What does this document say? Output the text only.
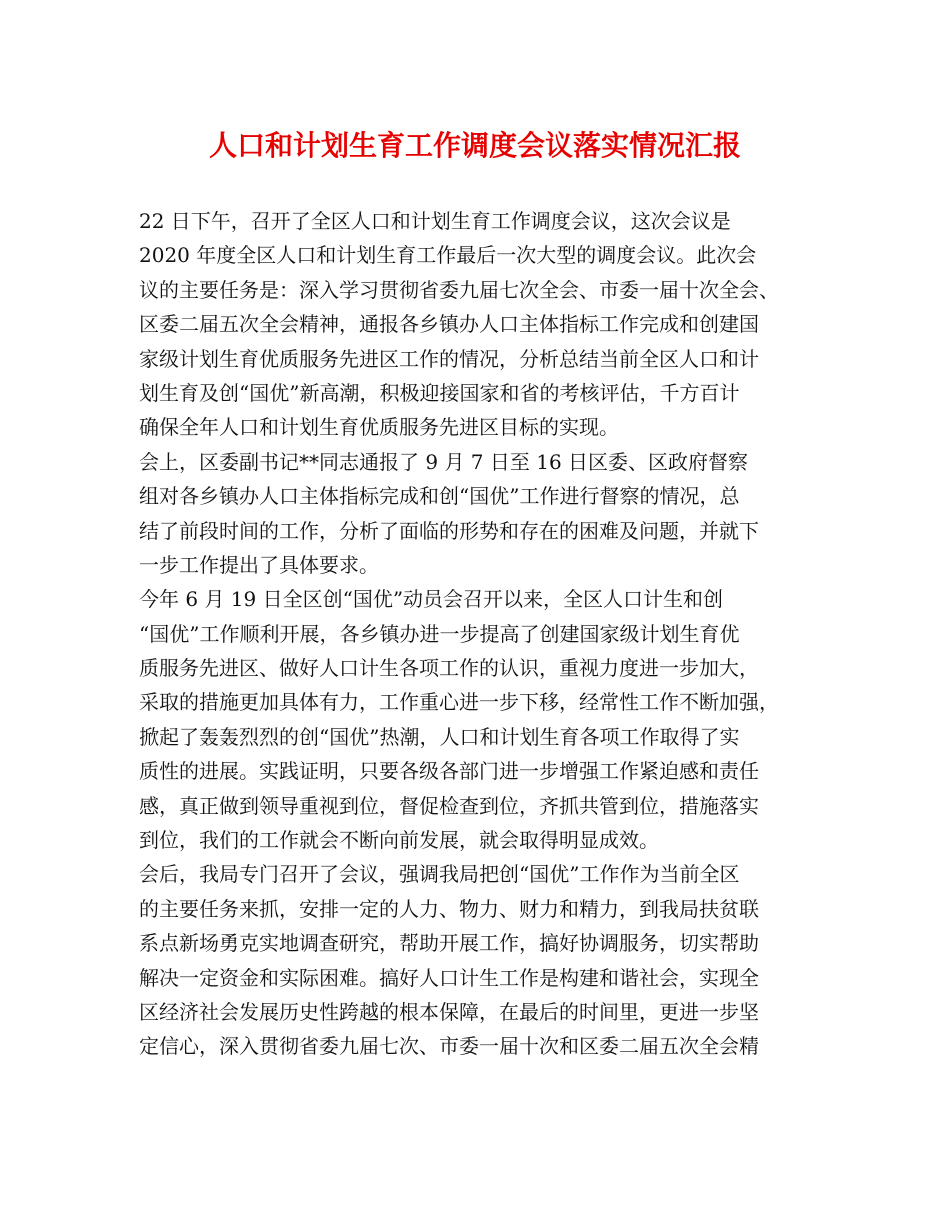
人口和计划生育工作调度会议落实情况汇报
22 日下午，召开了全区人口和计划生育工作调度会议，这次会议是
2020 年度全区人口和计划生育工作最后一次大型的调度会议。此次会
议的主要任务是：深入学习贯彻省委九届七次全会、市委一届十次全会、
区委二届五次全会精神，通报各乡镇办人口主体指标工作完成和创建国
家级计划生育优质服务先进区工作的情况，分析总结当前全区人口和计
划生育及创“国优”新高潮，积极迎接国家和省的考核评估，千方百计
确保全年人口和计划生育优质服务先进区目标的实现。
会上，区委副书记**同志通报了 9 月 7 日至 16 日区委、区政府督察
组对各乡镇办人口主体指标完成和创“国优”工作进行督察的情况，总
结了前段时间的工作，分析了面临的形势和存在的困难及问题，并就下
一步工作提出了具体要求。
今年 6 月 19 日全区创“国优”动员会召开以来，全区人口计生和创
“国优”工作顺利开展，各乡镇办进一步提高了创建国家级计划生育优
质服务先进区、做好人口计生各项工作的认识，重视力度进一步加大，
采取的措施更加具体有力，工作重心进一步下移，经常性工作不断加强，
掀起了轰轰烈烈的创“国优”热潮，人口和计划生育各项工作取得了实
质性的进展。实践证明，只要各级各部门进一步增强工作紧迫感和责任
感，真正做到领导重视到位，督促检查到位，齐抓共管到位，措施落实
到位，我们的工作就会不断向前发展，就会取得明显成效。
会后，我局专门召开了会议，强调我局把创“国优”工作作为当前全区
的主要任务来抓，安排一定的人力、物力、财力和精力，到我局扶贫联
系点新场勇克实地调查研究，帮助开展工作，搞好协调服务，切实帮助
解决一定资金和实际困难。搞好人口计生工作是构建和谐社会，实现全
区经济社会发展历史性跨越的根本保障，在最后的时间里，更进一步坚
定信心，深入贯彻省委九届七次、市委一届十次和区委二届五次全会精
